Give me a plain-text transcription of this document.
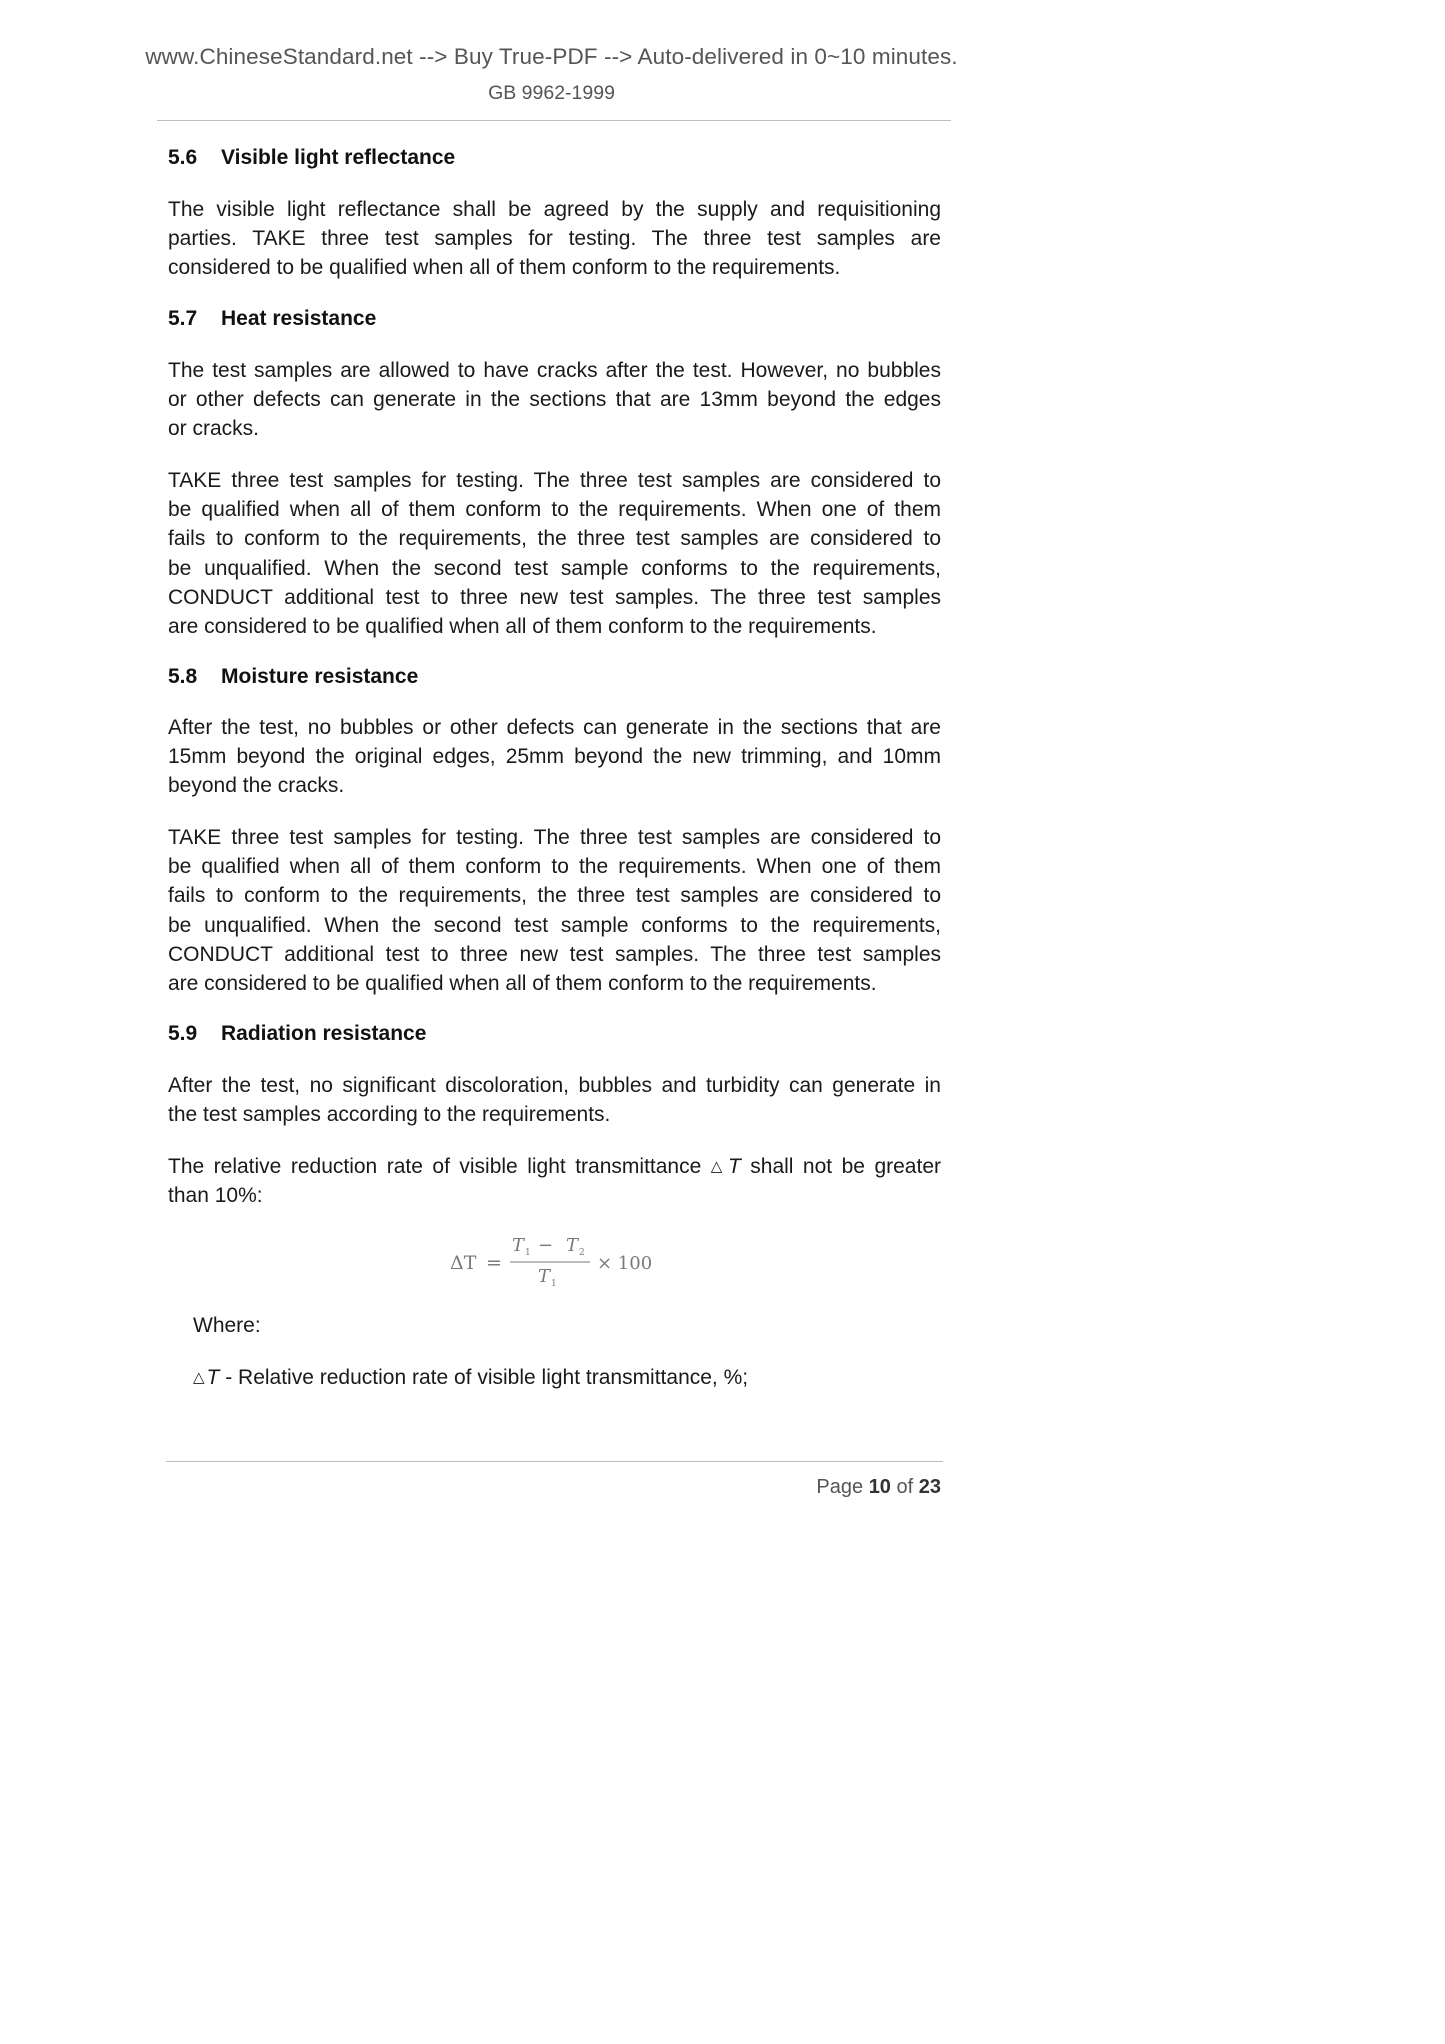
www.ChineseStandard.net --> Buy True-PDF --> Auto-delivered in 0~10 minutes.
GB 9962-1999
5.6 Visible light reflectance
The visible light reflectance shall be agreed by the supply and requisitioning
parties. TAKE three test samples for testing. The three test samples are
considered to be qualified when all of them conform to the requirements.
5.7 Heat resistance
The test samples are allowed to have cracks after the test. However, no bubbles
or other defects can generate in the sections that are 13mm beyond the edges
or cracks.
TAKE three test samples for testing. The three test samples are considered to
be qualified when all of them conform to the requirements. When one of them
fails to conform to the requirements, the three test samples are considered to
be unqualified. When the second test sample conforms to the requirements,
CONDUCT additional test to three new test samples. The three test samples
are considered to be qualified when all of them conform to the requirements.
5.8 Moisture resistance
After the test, no bubbles or other defects can generate in the sections that are
15mm beyond the original edges, 25mm beyond the new trimming, and 10mm
beyond the cracks.
TAKE three test samples for testing. The three test samples are considered to
be qualified when all of them conform to the requirements. When one of them
fails to conform to the requirements, the three test samples are considered to
be unqualified. When the second test sample conforms to the requirements,
CONDUCT additional test to three new test samples. The three test samples
are considered to be qualified when all of them conform to the requirements.
5.9 Radiation resistance
After the test, no significant discoloration, bubbles and turbidity can generate in
the test samples according to the requirements.
The relative reduction rate of visible light transmittance △T shall not be greater
than 10%:
ΔT =
T 1 − T 2
T 1
× 100
Where:
△T - Relative reduction rate of visible light transmittance, %;
Page 10 of 23
